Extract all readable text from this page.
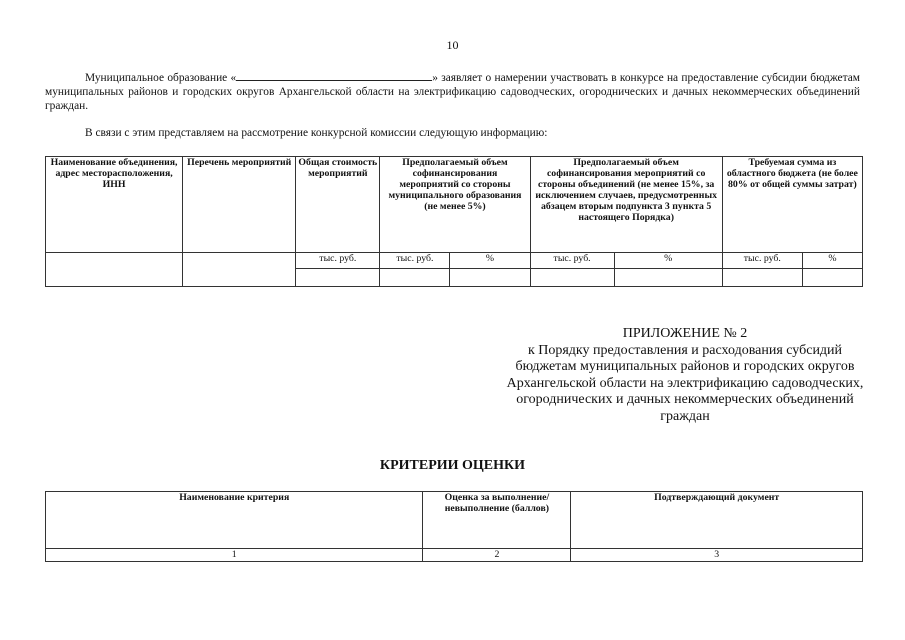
10
Муниципальное образование «	» заявляет о намерении участвовать в конкурсе на предоставление субсидии бюджетам муниципальных районов и городских округов Архангельской области на электрификацию садоводческих, огороднических и дачных некоммерческих объединений граждан.
В связи с этим представляем на рассмотрение конкурсной комиссии следующую информацию:
Наименование объединения, адрес месторасположения, ИНН	Перечень мероприятий	Общая стоимость мероприятий	Предполагаемый объем софинансирования мероприятий со стороны муниципального образования (не менее 5%)		Предполагаемый объем софинансирования мероприятий со стороны объединений (не менее 15%, за исключением случаев, предусмотренных абзацем вторым подпункта 3 пункта 5 настоящего Порядка)		Требуемая сумма из областного бюджета (не более 80% от общей суммы затрат)	
		тыс. руб.	тыс. руб.	%	тыс. руб.	%	тыс. руб.	%

ПРИЛОЖЕНИЕ № 2
к Порядку предоставления и расходования субсидий бюджетам муниципальных районов и городских округов Архангельской области на электрификацию садоводческих, огороднических и дачных некоммерческих объединений граждан
КРИТЕРИИ ОЦЕНКИ
Наименование критерия	Оценка за выполнение/ невыполнение (баллов)	Подтверждающий документ
1	2	3
